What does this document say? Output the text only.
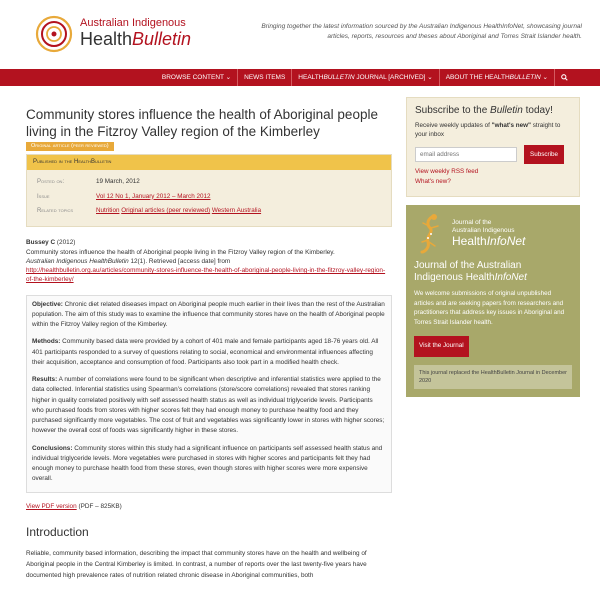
Australian Indigenous
HealthBulletin
Bringing together the latest information sourced by the Australian Indigenous HealthInfoNet, showcasing journal articles, reports, resources and theses about Aboriginal and Torres Strait Islander health.
BROWSE CONTENT ⌄	NEWS ITEMS	HEALTHBULLETIN JOURNAL [ARCHIVED] ⌄	ABOUT THE HEALTHBULLETIN ⌄
Community stores influence the health of Aboriginal people living in the Fitzroy Valley region of the Kimberley
Original article (peer reviewed)
Published in the HealthBulletin
Posted on:	19 March, 2012
Issue	Vol 12 No 1, January 2012 – March 2012
Related topics	Nutrition Original articles (peer reviewed) Western Australia
Bussey C (2012)
Community stores influence the health of Aboriginal people living in the Fitzroy Valley region of the Kimberley.
Australian Indigenous HealthBulletin 12(1). Retrieved [access date] from
http://healthbulletin.org.au/articles/community-stores-influence-the-health-of-aboriginal-people-living-in-the-fitzroy-valley-region-of-the-kimberley/

Objective: Chronic diet related diseases impact on Aboriginal people much earlier in their lives than the rest of the Australian population. The aim of this study was to examine the influence that community stores have on the health of Aboriginal people within the Fitzroy Valley region of the Kimberley.

Methods: Community based data were provided by a cohort of 401 male and female participants aged 18-76 years old. All 401 participants responded to a survey of questions relating to social, economical and environmental influences affecting their acquisition, acceptance and consumption of food. Participants also took part in a modified health check.

Results: A number of correlations were found to be significant when descriptive and inferential statistics were applied to the data collected. Inferential statistics using Spearman’s correlations (store/score correlations) revealed that stores ranking higher in quality correlated positively with self assessed health status as well as individual triglyceride levels. Participants who purchased foods from stores with higher scores felt they had enough money to purchase healthy food and they purchased significantly more vegetables. The cost of fruit and vegetables was significantly lower in stores with higher scores; however the overall cost of foods was significantly higher in these stores.

Conclusions: Community stores within this study had a significant influence on participants self assessed health status and individual triglyceride levels. More vegetables were purchased in stores with higher scores and participants felt they had enough money to purchase health food from these stores, even though stores with higher scores were more expensive overall.

View PDF version (PDF – 825KB)
Introduction

Reliable, community based information, describing the impact that community stores have on the health and wellbeing of Aboriginal people in the Central Kimberley is limited. In contrast, a number of reports over the last twenty-five years have documented high prevalence rates of nutrition related chronic disease in Aboriginal communities, both

Subscribe to the Bulletin today!
Receive weekly updates of "what's new" straight to your inbox
email address
Subscribe
View weekly RSS feed
What's new?
Journal of the
Australian Indigenous
HealthInfoNet
Journal of the Australian Indigenous HealthInfoNet
We welcome submissions of original unpublished articles and are seeking papers from researchers and practitioners that address key issues in Aboriginal and Torres Strait Islander health.
Visit the Journal
This journal replaced the HealthBulletin Journal in December 2020
